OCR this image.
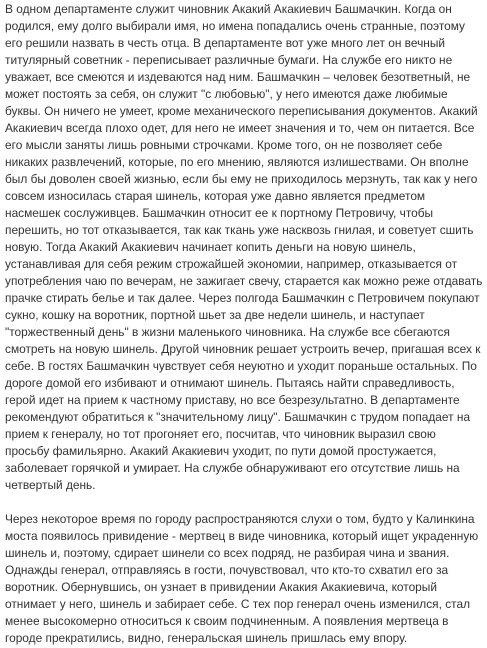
В одном департаменте служит чиновник Акакий Акакиевич Башмачкин. Когда он родился, ему долго выбирали имя, но имена попадались очень странные, поэтому его решили назвать в честь отца. В департаменте вот уже много лет он вечный титулярный советник - переписывает различные бумаги. На службе его никто не уважает, все смеются и издеваются над ним. Башмачкин – человек безответный, не может постоять за себя, он служит "с любовью", у него имеются даже любимые буквы. Он ничего не умеет, кроме механического переписывания документов. Акакий Акакиевич всегда плохо одет, для него не имеет значения и то, чем он питается. Все его мысли заняты лишь ровными строчками. Кроме того, он не позволяет себе никаких развлечений, которые, по его мнению, являются излишествами. Он вполне был бы доволен своей жизнью, если бы ему не приходилось мерзнуть, так как у него совсем износилась старая шинель, которая уже давно является предметом насмешек сослуживцев. Башмачкин относит ее к портному Петровичу, чтобы перешить, но тот отказывается, так как ткань уже насквозь гнилая, и советует сшить новую. Тогда Акакий Акакиевич начинает копить деньги на новую шинель, устанавливая для себя режим строжайшей экономии, например, отказывается от употребления чаю по вечерам, не зажигает свечу, старается как можно реже отдавать прачке стирать белье и так далее. Через полгода Башмачкин с Петровичем покупают сукно, кошку на воротник, портной шьет за две недели шинель, и наступает "торжественный день" в жизни маленького чиновника. На службе все сбегаются смотреть на новую шинель. Другой чиновник решает устроить вечер, пригашая всех к себе. В гостях Башмачкин чувствует себя неуютно и уходит пораньше остальных. По дороге домой его избивают и отнимают шинель. Пытаясь найти справедливость, герой идет на прием к частному приставу, но все безрезультатно. В департаменте рекомендуют обратиться к "значительному лицу". Башмачкин с трудом попадает на прием к генералу, но тот прогоняет его, посчитав, что чиновник выразил свою просьбу фамильярно. Акакий Акакиевич уходит, по пути домой простужается, заболевает горячкой и умирает. На службе обнаруживают его отсутствие лишь на четвертый день.

Через некоторое время по городу распространяются слухи о том, будто у Калинкина моста появилось привидение - мертвец в виде чиновника, который ищет украденную шинель и, поэтому, сдирает шинели со всех подряд, не разбирая чина и звания. Однажды генерал, отправляясь в гости, почувствовал, что кто-то схватил его за воротник. Обернувшись, он узнает в привидении Акакия Акакиевича, который отнимает у него, шинель и забирает себе. С тех пор генерал очень изменился, стал менее высокомерно относиться к своим подчиненным. А появления мертвеца в городе прекратились, видно, генеральская шинель пришлась ему впору.
